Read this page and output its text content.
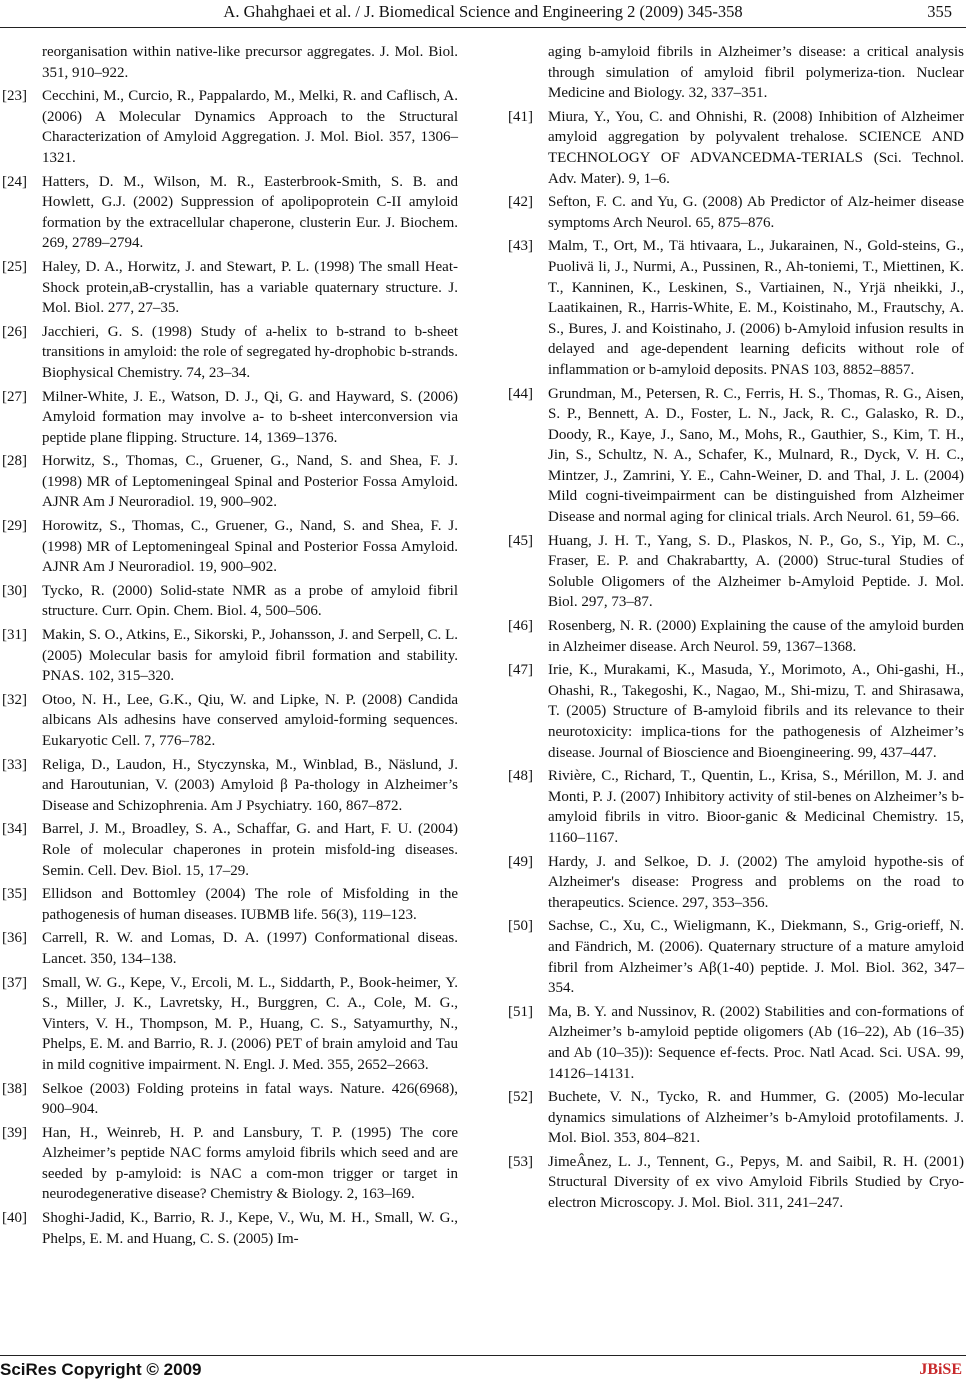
A. Ghahghaei et al. / J. Biomedical Science and Engineering 2 (2009) 345-358	355
reorganisation within native-like precursor aggregates. J. Mol. Biol. 351, 910–922.
[23] Cecchini, M., Curcio, R., Pappalardo, M., Melki, R. and Caflisch, A. (2006) A Molecular Dynamics Approach to the Structural Characterization of Amyloid Aggregation. J. Mol. Biol. 357, 1306–1321.
[24] Hatters, D. M., Wilson, M. R., Easterbrook-Smith, S. B. and Howlett, G.J. (2002) Suppression of apolipoprotein C-II amyloid formation by the extracellular chaperone, clusterin Eur. J. Biochem. 269, 2789–2794.
[25] Haley, D. A., Horwitz, J. and Stewart, P. L. (1998) The small Heat-Shock protein,aB-crystallin, has a variable quaternary structure. J. Mol. Biol. 277, 27–35.
[26] Jacchieri, G. S. (1998) Study of a-helix to b-strand to b-sheet transitions in amyloid: the role of segregated hy-drophobic b-strands. Biophysical Chemistry. 74, 23–34.
[27] Milner-White, J. E., Watson, D. J., Qi, G. and Hayward, S. (2006) Amyloid formation may involve a- to b-sheet interconversion via peptide plane flipping. Structure. 14, 1369–1376.
[28] Horwitz, S., Thomas, C., Gruener, G., Nand, S. and Shea, F. J. (1998) MR of Leptomeningeal Spinal and Posterior Fossa Amyloid. AJNR Am J Neuroradiol. 19, 900–902.
[29] Horowitz, S., Thomas, C., Gruener, G., Nand, S. and Shea, F. J. (1998) MR of Leptomeningeal Spinal and Posterior Fossa Amyloid. AJNR Am J Neuroradiol. 19, 900–902.
[30] Tycko, R. (2000) Solid-state NMR as a probe of amyloid fibril structure. Curr. Opin. Chem. Biol. 4, 500–506.
[31] Makin, S. O., Atkins, E., Sikorski, P., Johansson, J. and Serpell, C. L. (2005) Molecular basis for amyloid fibril formation and stability. PNAS. 102, 315–320.
[32] Otoo, N. H., Lee, G.K., Qiu, W. and Lipke, N. P. (2008) Candida albicans Als adhesins have conserved amyloid-forming sequences. Eukaryotic Cell. 7, 776–782.
[33] Religa, D., Laudon, H., Styczynska, M., Winblad, B., Näslund, J. and Haroutunian, V. (2003) Amyloid β Pa-thology in Alzheimer’s Disease and Schizophrenia. Am J Psychiatry. 160, 867–872.
[34] Barrel, J. M., Broadley, S. A., Schaffar, G. and Hart, F. U. (2004) Role of molecular chaperones in protein misfold-ing diseases. Semin. Cell. Dev. Biol. 15, 17–29.
[35] Ellidson and Bottomley (2004) The role of Misfolding in the pathogenesis of human diseases. IUBMB life. 56(3), 119–123.
[36] Carrell, R. W. and Lomas, D. A. (1997) Conformational diseas. Lancet. 350, 134–138.
[37] Small, W. G., Kepe, V., Ercoli, M. L., Siddarth, P., Book-heimer, Y. S., Miller, J. K., Lavretsky, H., Burggren, C. A., Cole, M. G., Vinters, V. H., Thompson, M. P., Huang, C. S., Satyamurthy, N., Phelps, E. M. and Barrio, R. J. (2006) PET of brain amyloid and Tau in mild cognitive impairment. N. Engl. J. Med. 355, 2652–2663.
[38] Selkoe (2003) Folding proteins in fatal ways. Nature. 426(6968), 900–904.
[39] Han, H., Weinreb, H. P. and Lansbury, T. P. (1995) The core Alzheimer’s peptide NAC forms amyloid fibrils which seed and are seeded by p-amyloid: is NAC a com-mon trigger or target in neurodegenerative disease? Chemistry & Biology. 2, 163–l69.
[40] Shoghi-Jadid, K., Barrio, R. J., Kepe, V., Wu, M. H., Small, W. G., Phelps, E. M. and Huang, C. S. (2005) Im-
aging b-amyloid fibrils in Alzheimer’s disease: a critical analysis through simulation of amyloid fibril polymeriza-tion. Nuclear Medicine and Biology. 32, 337–351.
[41] Miura, Y., You, C. and Ohnishi, R. (2008) Inhibition of Alzheimer amyloid aggregation by polyvalent trehalose. SCIENCE AND TECHNOLOGY OF ADVANCEDMA-TERIALS (Sci. Technol. Adv. Mater). 9, 1–6.
[42] Sefton, F. C. and Yu, G. (2008) Ab Predictor of Alz-heimer disease symptoms Arch Neurol. 65, 875–876.
[43] Malm, T., Ort, M., Tä htivaara, L., Jukarainen, N., Gold-steins, G., Puolivä li, J., Nurmi, A., Pussinen, R., Ah-toniemi, T., Miettinen, K. T., Kanninen, K., Leskinen, S., Vartiainen, N., Yrjä nheikki, J., Laatikainen, R., Harris-White, E. M., Koistinaho, M., Frautschy, A. S., Bures, J. and Koistinaho, J. (2006) b-Amyloid infusion results in delayed and age-dependent learning deficits without role of inflammation or b-amyloid deposits. PNAS 103, 8852–8857.
[44] Grundman, M., Petersen, R. C., Ferris, H. S., Thomas, R. G., Aisen, S. P., Bennett, A. D., Foster, L. N., Jack, R. C., Galasko, R. D., Doody, R., Kaye, J., Sano, M., Mohs, R., Gauthier, S., Kim, T. H., Jin, S., Schultz, N. A., Schafer, K., Mulnard, R., Dyck, V. H. C., Mintzer, J., Zamrini, Y. E., Cahn-Weiner, D. and Thal, J. L. (2004) Mild cogni-tiveimpairment can be distinguished from Alzheimer Disease and normal aging for clinical trials. Arch Neurol. 61, 59–66.
[45] Huang, J. H. T., Yang, S. D., Plaskos, N. P., Go, S., Yip, M. C., Fraser, E. P. and Chakrabartty, A. (2000) Struc-tural Studies of Soluble Oligomers of the Alzheimer b-Amyloid Peptide. J. Mol. Biol. 297, 73–87.
[46] Rosenberg, N. R. (2000) Explaining the cause of the amyloid burden in Alzheimer disease. Arch Neurol. 59, 1367–1368.
[47] Irie, K., Murakami, K., Masuda, Y., Morimoto, A., Ohi-gashi, H., Ohashi, R., Takegoshi, K., Nagao, M., Shi-mizu, T. and Shirasawa, T. (2005) Structure of B-amyloid fibrils and its relevance to their neurotoxicity: implica-tions for the pathogenesis of Alzheimer’s disease. Journal of Bioscience and Bioengineering. 99, 437–447.
[48] Rivière, C., Richard, T., Quentin, L., Krisa, S., Mérillon, M. J. and Monti, P. J. (2007) Inhibitory activity of stil-benes on Alzheimer’s b-amyloid fibrils in vitro. Bioor-ganic & Medicinal Chemistry. 15, 1160–1167.
[49] Hardy, J. and Selkoe, D. J. (2002) The amyloid hypothe-sis of Alzheimer's disease: Progress and problems on the road to therapeutics. Science. 297, 353–356.
[50] Sachse, C., Xu, C., Wieligmann, K., Diekmann, S., Grig-orieff, N. and Fändrich, M. (2006). Quaternary structure of a mature amyloid fibril from Alzheimer’s Aβ(1-40) peptide. J. Mol. Biol. 362, 347–354.
[51] Ma, B. Y. and Nussinov, R. (2002) Stabilities and con-formations of Alzheimer’s b-amyloid peptide oligomers (Ab (16–22), Ab (16–35) and Ab (10–35)): Sequence ef-fects. Proc. Natl Acad. Sci. USA. 99, 14126–14131.
[52] Buchete, V. N., Tycko, R. and Hummer, G. (2005) Mo-lecular dynamics simulations of Alzheimer’s b-Amyloid protofilaments. J. Mol. Biol. 353, 804–821.
[53] JimeÂnez, L. J., Tennent, G., Pepys, M. and Saibil, R. H. (2001) Structural Diversity of ex vivo Amyloid Fibrils Studied by Cryo-electron Microscopy. J. Mol. Biol. 311, 241–247.
SciRes Copyright © 2009	JBiSE
